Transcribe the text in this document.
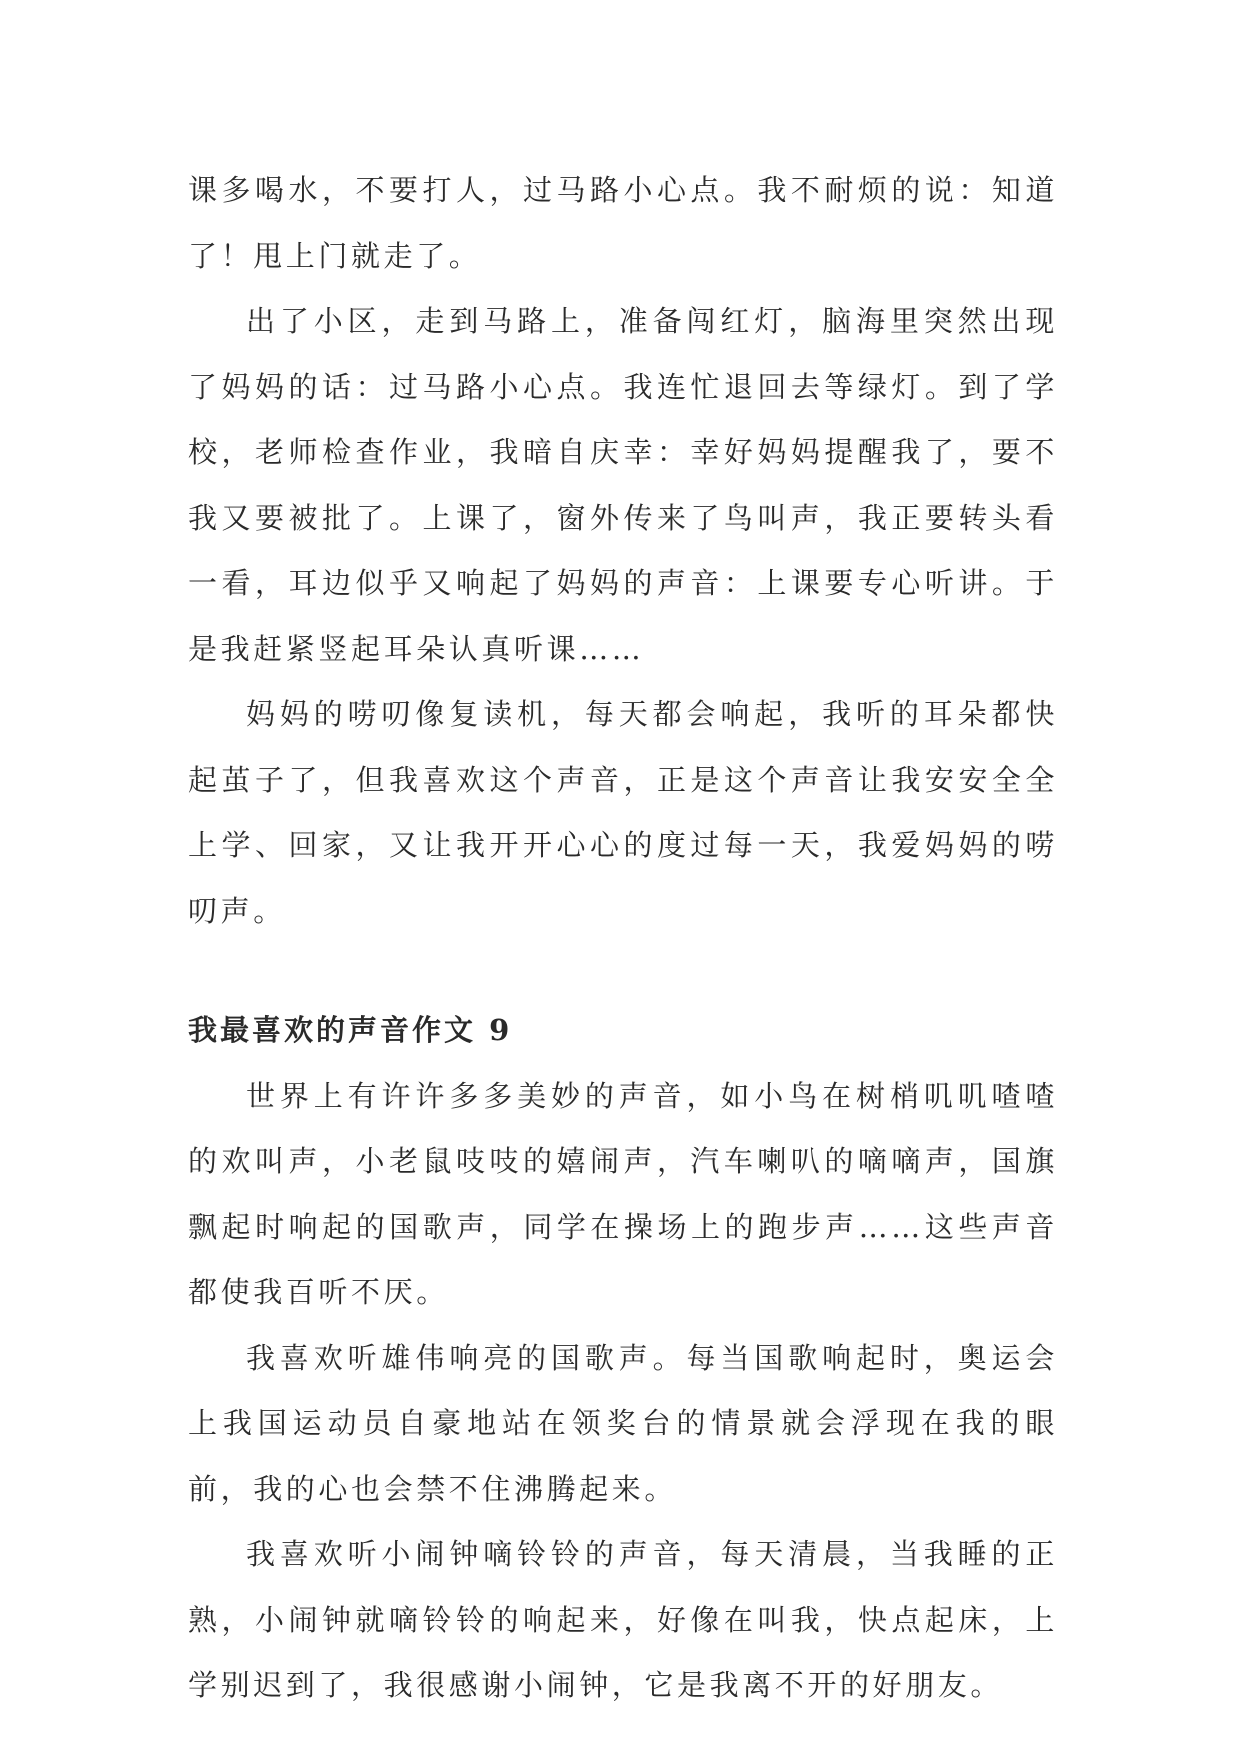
课多喝水，不要打人，过马路小心点。我不耐烦的说：知道了！甩上门就走了。

出了小区，走到马路上，准备闯红灯，脑海里突然出现了妈妈的话：过马路小心点。我连忙退回去等绿灯。到了学校，老师检查作业，我暗自庆幸：幸好妈妈提醒我了，要不我又要被批了。上课了，窗外传来了鸟叫声，我正要转头看一看，耳边似乎又响起了妈妈的声音：上课要专心听讲。于是我赶紧竖起耳朵认真听课……

妈妈的唠叨像复读机，每天都会响起，我听的耳朵都快起茧子了，但我喜欢这个声音，正是这个声音让我安安全全上学、回家，又让我开开心心的度过每一天，我爱妈妈的唠叨声。

我最喜欢的声音作文 9

世界上有许许多多美妙的声音，如小鸟在树梢叽叽喳喳的欢叫声，小老鼠吱吱的嬉闹声，汽车喇叭的嘀嘀声，国旗飘起时响起的国歌声，同学在操场上的跑步声……这些声音都使我百听不厌。

我喜欢听雄伟响亮的国歌声。每当国歌响起时，奥运会上我国运动员自豪地站在领奖台的情景就会浮现在我的眼前，我的心也会禁不住沸腾起来。

我喜欢听小闹钟嘀铃铃的声音，每天清晨，当我睡的正熟，小闹钟就嘀铃铃的响起来，好像在叫我，快点起床，上学别迟到了，我很感谢小闹钟，它是我离不开的好朋友。
